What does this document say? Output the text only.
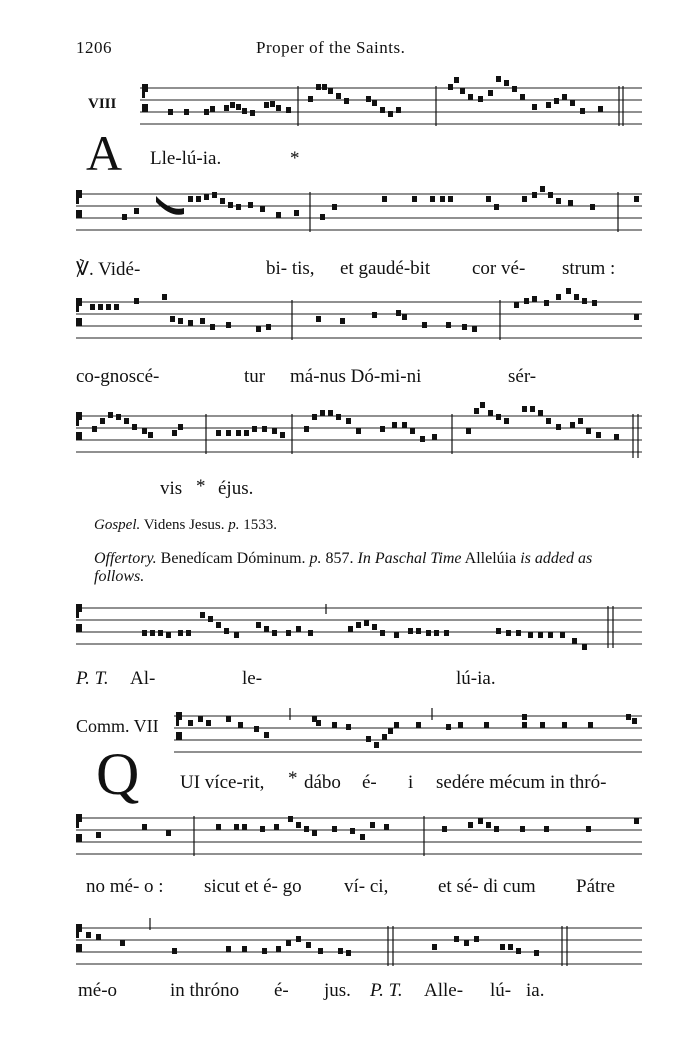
1206	Proper of the Saints.
VIII
A Lle-lú-ia.	*
℣. Vidé-	bi- tis, et gaudé-bit cor vé- strum :
co-gnoscé-	tur má-nus Dó-mi-ni	sér-
vis * éjus.
Gospel. Videns Jesus. p. 1533.
Offertory. Benedícam Dóminum. p. 857. In Paschal Time Allelúia is added as follows.
P. T. Al-	le-	lú-ia.
Comm. VII
Q UI více-rit, * dábo é- i sedére mécum in thró-
no mé- o : sicut et é- go ví- ci,	et sé- di cum Pátre
mé-o	in thróno é- jus. P. T. Alle- lú- ia.
